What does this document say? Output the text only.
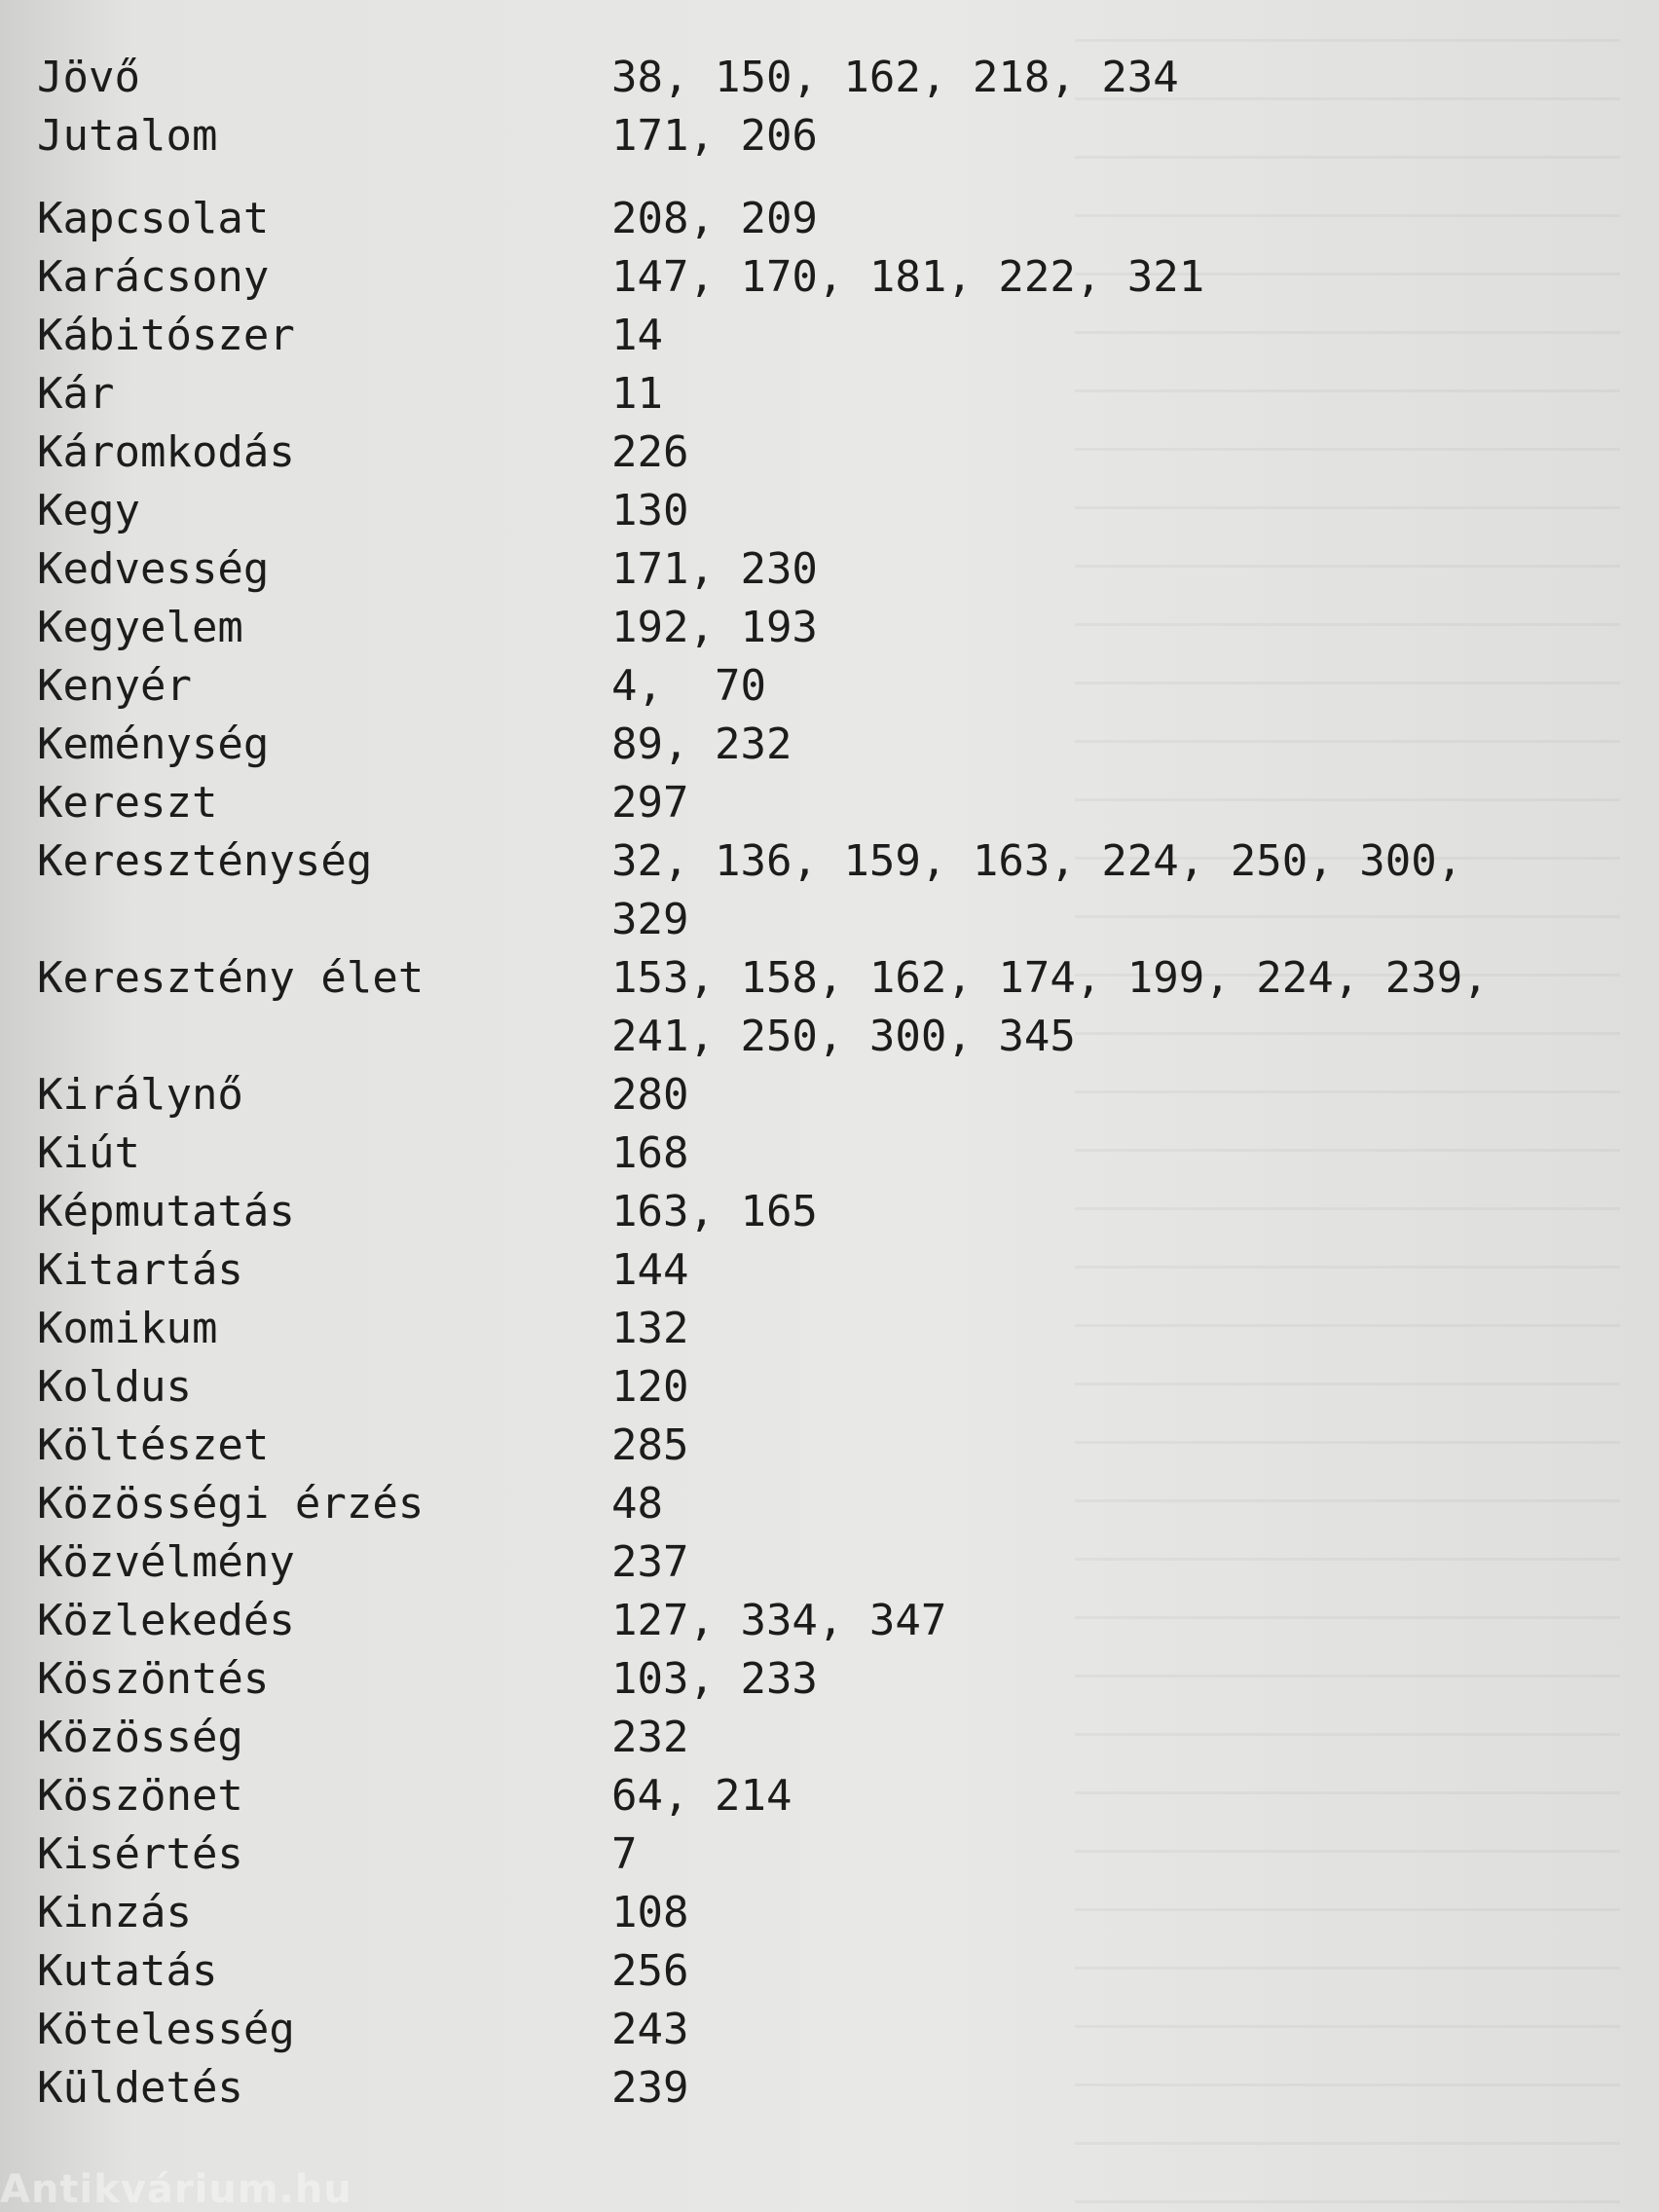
Jövő	38, 150, 162, 218, 234
Jutalom	171, 206
Kapcsolat	208, 209
Karácsony	147, 170, 181, 222, 321
Kábitószer	14
Kár	11
Káromkodás	226
Kegy	130
Kedvesség	171, 230
Kegyelem	192, 193
Kenyér	4,  70
Keménység	89, 232
Kereszt	297
Kereszténység	32, 136, 159, 163, 224, 250, 300, 329
Keresztény élet	153, 158, 162, 174, 199, 224, 239, 241, 250, 300, 345
Királynő	280
Kiút	168
Képmutatás	163, 165
Kitartás	144
Komikum	132
Koldus	120
Költészet	285
Közösségi érzés	48
Közvélmény	237
Közlekedés	127, 334, 347
Köszöntés	103, 233
Közösség	232
Köszönet	64, 214
Kisértés	7
Kinzás	108
Kutatás	256
Kötelesség	243
Küldetés	239
Antikvárium.hu
